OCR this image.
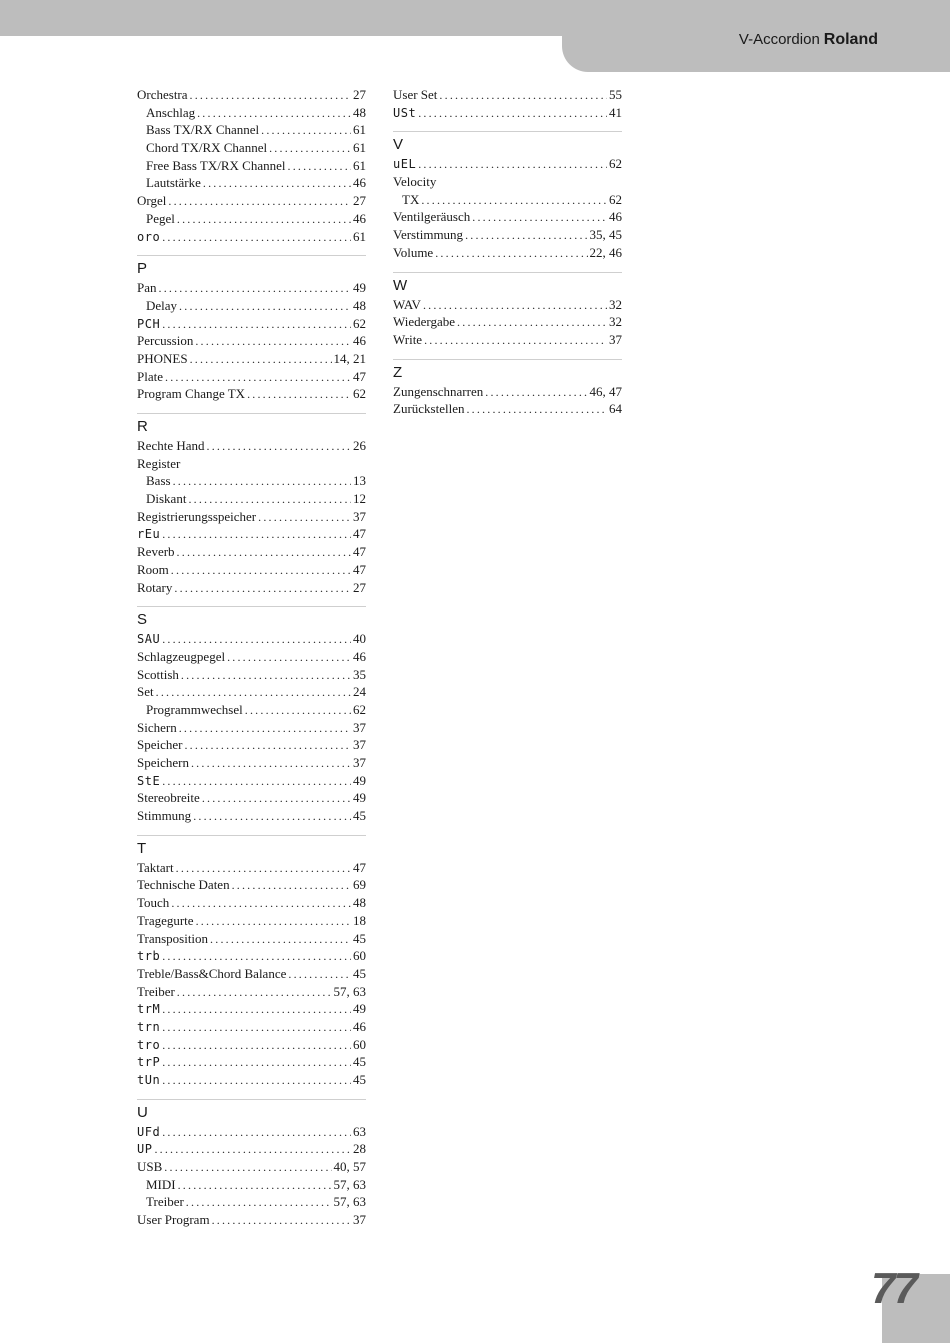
V-Accordion Roland
Orchestra .....	27
Anschlag .....	48
Bass TX/RX Channel .....	61
Chord TX/RX Channel .....	61
Free Bass TX/RX Channel .....	61
Lautstärke .....	46
Orgel .....	27
Pegel .....	46
oro .....	61
P
Pan .....	49
Delay .....	48
PCH .....	62
Percussion .....	46
PHONES .....	14, 21
Plate .....	47
Program Change TX .....	62
R
Rechte Hand .....	26
Register
Bass .....	13
Diskant .....	12
Registrierungsspeicher .....	37
rEu .....	47
Reverb .....	47
Room .....	47
Rotary .....	27
S
SAU .....	40
Schlagzeugpegel .....	46
Scottish .....	35
Set .....	24
Programmwechsel .....	62
Sichern .....	37
Speicher .....	37
Speichern .....	37
StE .....	49
Stereobreite .....	49
Stimmung .....	45
T
Taktart .....	47
Technische Daten .....	69
Touch .....	48
Tragegurte .....	18
Transposition .....	45
trb .....	60
Treble/Bass&Chord Balance .....	45
Treiber .....	57, 63
trM .....	49
trn .....	46
tro .....	60
trP .....	45
tUn .....	45
U
UFd .....	63
UP .....	28
USB .....	40, 57
MIDI .....	57, 63
Treiber .....	57, 63
User Program .....	37
User Set .....	55
USt .....	41
V
uEL .....	62
Velocity
TX .....	62
Ventilgeräusch .....	46
Verstimmung .....	35, 45
Volume .....	22, 46
W
WAV .....	32
Wiedergabe .....	32
Write .....	37
Z
Zungenschnarren .....	46, 47
Zurückstellen .....	64
77
